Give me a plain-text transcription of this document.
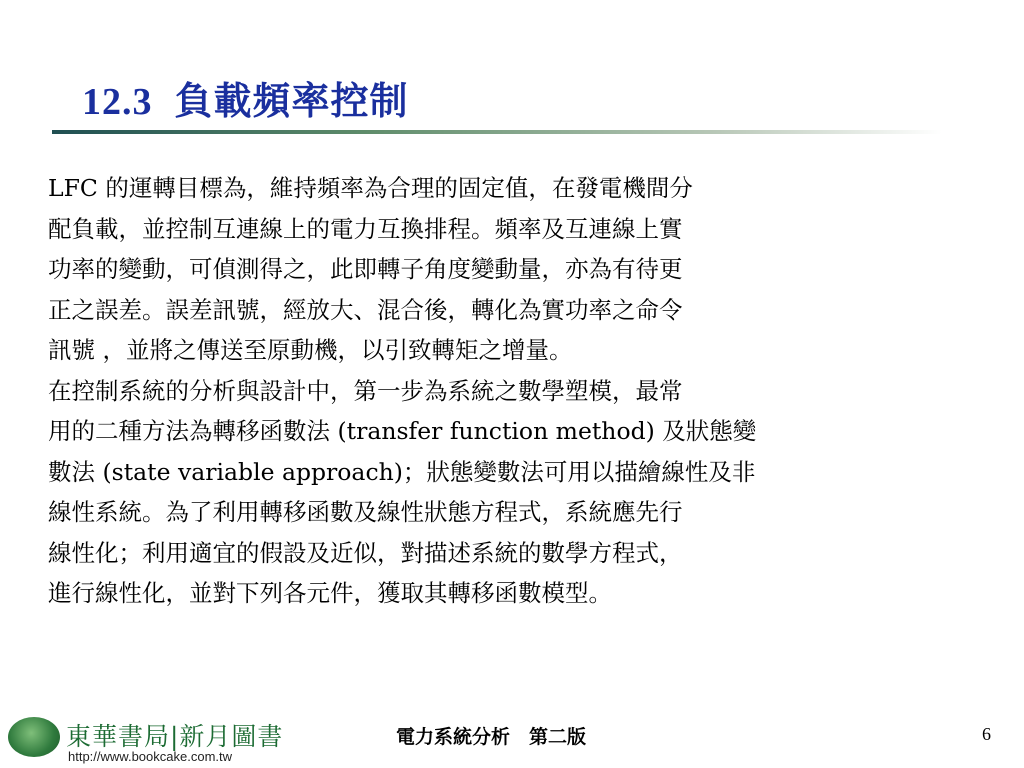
12.3 負載頻率控制

LFC 的運轉目標為，維持頻率為合理的固定值，在發電機間分
配負載，並控制互連線上的電力互換排程。頻率及互連線上實
功率的變動，可偵測得之，此即轉子角度變動量，亦為有待更
正之誤差。誤差訊號，經放大、混合後，轉化為實功率之命令
訊號 ，並將之傳送至原動機，以引致轉矩之增量。

在控制系統的分析與設計中，第一步為系統之數學塑模，最常
用的二種方法為轉移函數法 (transfer function method) 及狀態變
數法 (state variable approach)；狀態變數法可用以描繪線性及非
線性系統。為了利用轉移函數及線性狀態方程式，系統應先行
線性化；利用適宜的假設及近似，對描述系統的數學方程式，
進行線性化，並對下列各元件，獲取其轉移函數模型。

東華書局|新月圖書
http://www.bookcake.com.tw
電力系統分析　第二版	6
